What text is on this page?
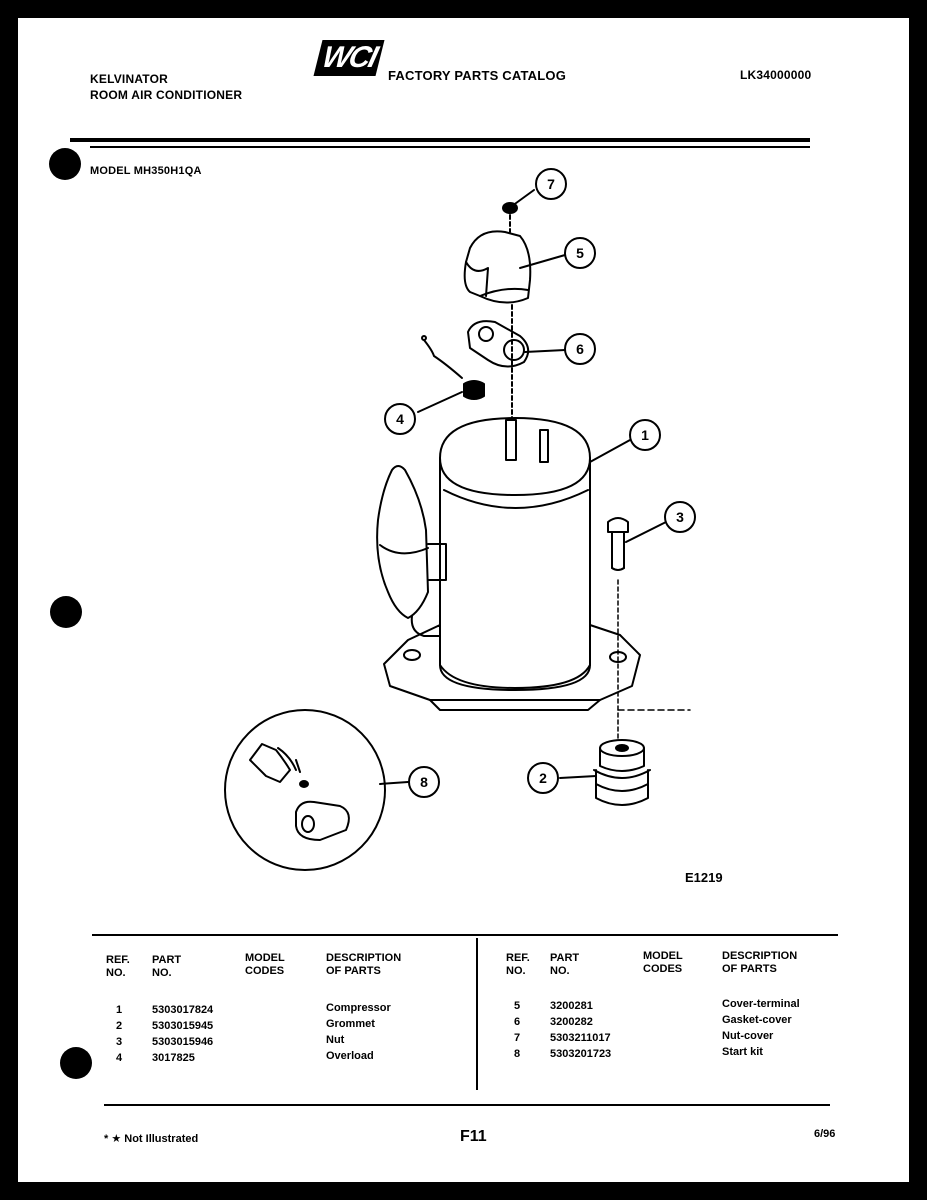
KELVINATOR
ROOM AIR CONDITIONER
WCI
FACTORY PARTS CATALOG	LK34000000
MODEL MH350H1QA
7
5
6
4
1
3
2
8
E1219
REF.
NO.
PART
NO.
MODEL
CODES
DESCRIPTION
OF PARTS
REF.
NO.
PART
NO.
MODEL
CODES
DESCRIPTION
OF PARTS
1	5303017824	Compressor
2	5303015945	Grommet
3	5303015946	Nut
4	3017825	Overload
5	3200281	Cover-terminal
6	3200282	Gasket-cover
7	5303211017	Nut-cover
8	5303201723	Start kit
* ★ Not Illustrated	F11	6/96
